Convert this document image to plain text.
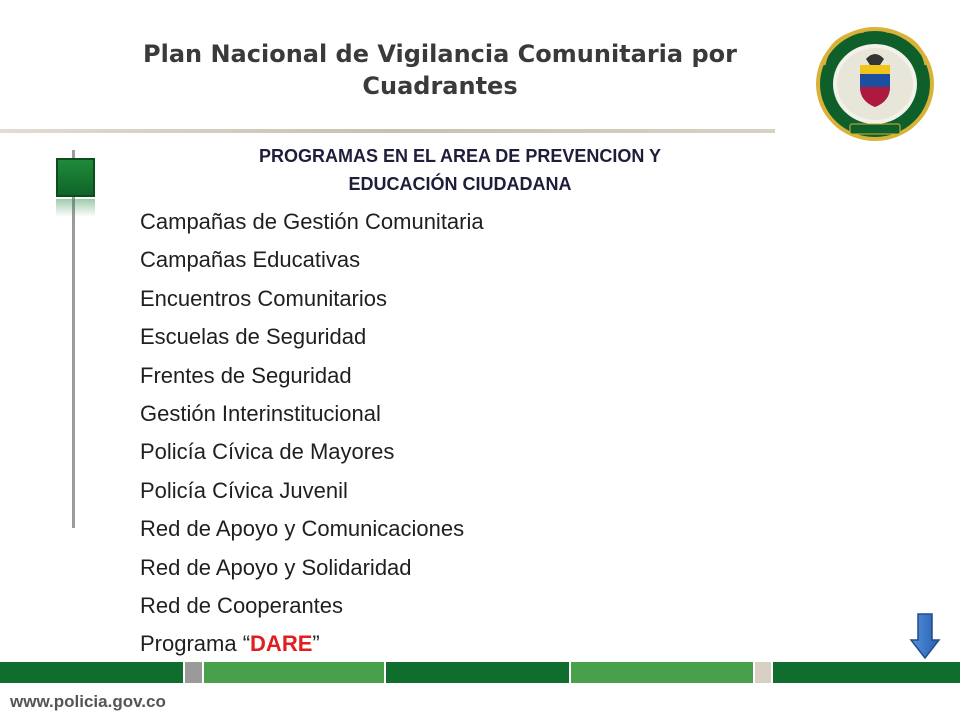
Plan Nacional de Vigilancia Comunitaria por Cuadrantes
PROGRAMAS EN EL AREA DE PREVENCION Y
EDUCACIÓN CIUDADANA
Campañas de Gestión Comunitaria
Campañas Educativas
Encuentros Comunitarios
Escuelas de Seguridad
Frentes de Seguridad
Gestión Interinstitucional
Policía Cívica de Mayores
Policía Cívica Juvenil
Red de Apoyo y Comunicaciones
Red de Apoyo y Solidaridad
Red de Cooperantes
Programa “DARE”
www.policia.gov.co
